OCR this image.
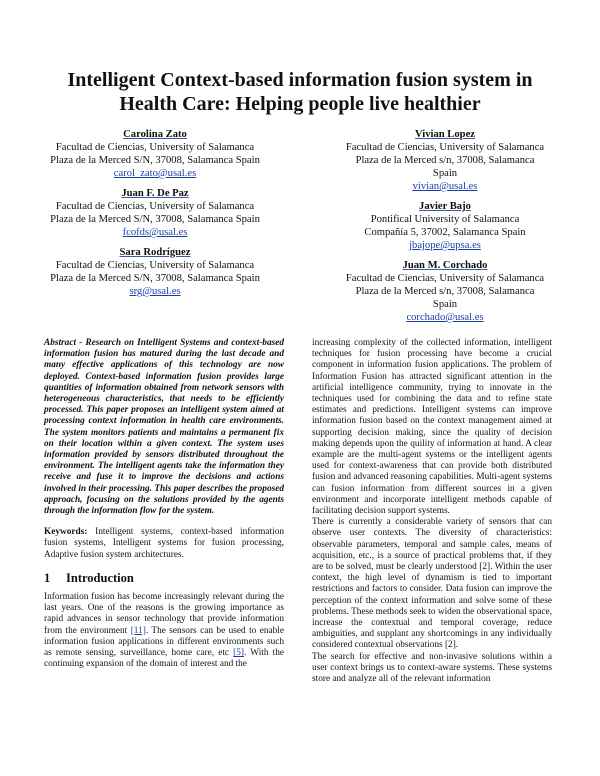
Intelligent Context-based information fusion system in
Health Care: Helping people live healthier
Carolina Zato
Facultad de Ciencias, University of Salamanca
Plaza de la Merced S/N, 37008, Salamanca Spain
carol_zato@usal.es
Juan F. De Paz
Facultad de Ciencias, University of Salamanca
Plaza de la Merced S/N, 37008, Salamanca Spain
fcofds@usal.es
Sara Rodríguez
Facultad de Ciencias, University of Salamanca
Plaza de la Merced S/N, 37008, Salamanca Spain
srg@usal.es
Vivian Lopez
Facultad de Ciencias, University of Salamanca
Plaza de la Merced s/n, 37008, Salamanca
Spain
vivian@usal.es
Javier Bajo
Pontifical University of Salamanca
Compañía 5, 37002, Salamanca Spain
jbajope@upsa.es
Juan M. Corchado
Facultad de Ciencias, University of Salamanca
Plaza de la Merced s/n, 37008, Salamanca
Spain
corchado@usal.es

Abstract - Research on Intelligent Systems and context-based information fusion has matured during the last decade and many effective applications of this technology are now deployed. Context-based information fusion provides large quantities of information obtained from network sensors with heterogeneous characteristics, that needs to be efficiently processed. This paper proposes an intelligent system aimed at processing context information in health care environments. The system monitors patients and maintains a permanent fix on their location within a given context. The system uses information provided by sensors distributed throughout the environment. The intelligent agents take the information they receive and fuse it to improve the decisions and actions involved in their processing. This paper describes the proposed approach, focusing on the solutions provided by the agents through the information flow for the system.

Keywords: Intelligent systems, context-based information fusion systems, Intelligent systems for fusion processing, Adaptive fusion system architectures.

1 Introduction

Information fusion has become increasingly relevant during the last years. One of the reasons is the growing importance as rapid advances in sensor technology that provide information from the environment [11]. The sensors can be used to enable information fusion applications in different environments such as remote sensing, surveillance, home care, etc [5]. With the continuing expansion of the domain of interest and the

increasing complexity of the collected information, intelligent techniques for fusion processing have become a crucial component in information fusion applications. The problem of Information Fusion has attracted significant attention in the artificial intelligence community, trying to innovate in the techniques used for combining the data and to refine state estimates and predictions. Intelligent systems can improve information fusion based on the context management aimed at supporting decision making, since the quality of decision making depends upon the quility of information at hand. A clear example are the multi-agent systems or the intelligent agents used for context-awareness that can provide both distributed fusion and advanced reasoning capabilities. Multi-agent systems can fusion information from different sources in a given environment and incorporate intelligent methods capable of facilitating decision support systems.

There is currently a considerable variety of sensors that can observe user contexts. The diversity of characteristics: observable parameters, temporal and sample cales, means of acquisition, etc., is a source of practical problems that, if they are to be solved, must be clearly understood [2]. Within the user context, the high level of dynamism is tied to important restrictions and factors to consider. Data fusion can improve the perception of the context information and solve some of these problems. These methods seek to widen the observational space, increase the contextual and temporal coverage, reduce ambiguities, and supplant any shortcomings in any individually considered contextual observations [2].

The search for effective and non-invasive solutions within a user context brings us to context-aware systems. These systems store and analyze all of the relevant information
